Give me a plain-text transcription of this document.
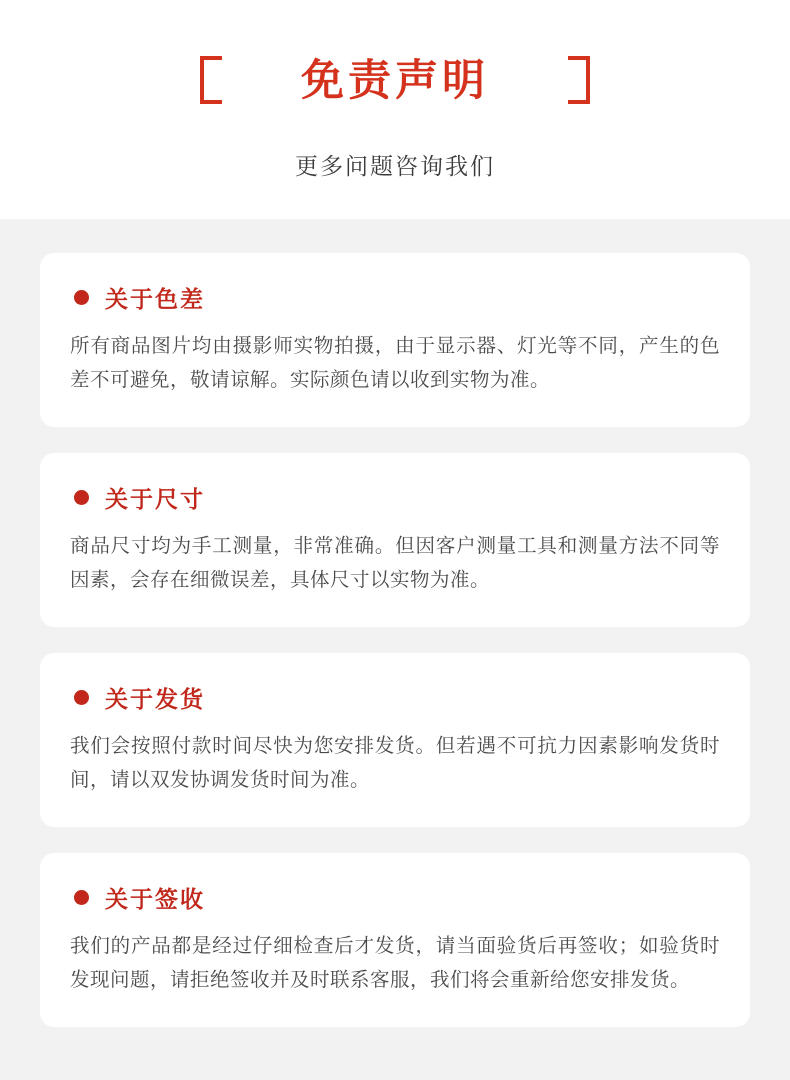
免责声明
更多问题咨询我们
关于色差
所有商品图片均由摄影师实物拍摄，由于显示器、灯光等不同，产生的色差不可避免，敬请谅解。实际颜色请以收到实物为准。
关于尺寸
商品尺寸均为手工测量，非常准确。但因客户测量工具和测量方法不同等因素，会存在细微误差，具体尺寸以实物为准。
关于发货
我们会按照付款时间尽快为您安排发货。但若遇不可抗力因素影响发货时间，请以双发协调发货时间为准。
关于签收
我们的产品都是经过仔细检查后才发货，请当面验货后再签收；如验货时发现问题，请拒绝签收并及时联系客服，我们将会重新给您安排发货。
